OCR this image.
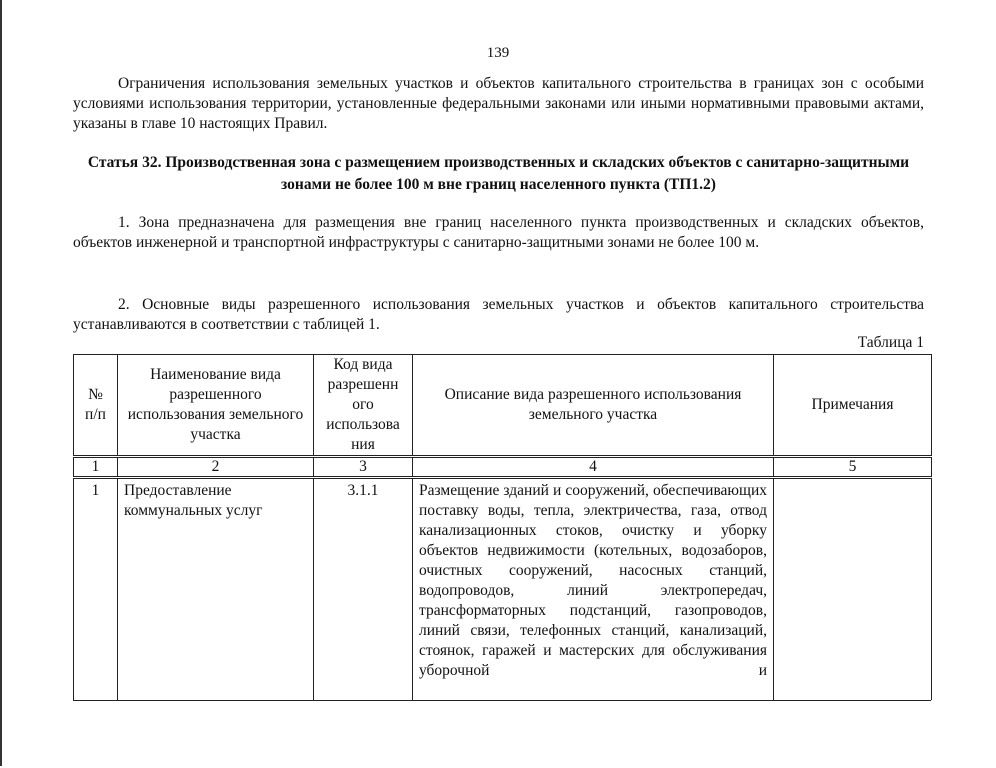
139
Ограничения использования земельных участков и объектов капитального строительства в границах зон с особыми условиями использования территории, установленные федеральными законами или иными нормативными правовыми актами, указаны в главе 10 настоящих Правил.
Статья 32. Производственная зона с размещением производственных и складских объектов с санитарно-защитными зонами не более 100 м вне границ населенного пункта (ТП1.2)
1. Зона предназначена для размещения вне границ населенного пункта производственных и складских объектов, объектов инженерной и транспортной инфраструктуры с санитарно-защитными зонами не более 100 м.
2. Основные виды разрешенного использования земельных участков и объектов капитального строительства устанавливаются в соответствии с таблицей 1.
Таблица 1
№
п/п	Наименование вида разрешенного использования земельного участка	Код вида разрешенн ого использова ния	Описание вида разрешенного использования земельного участка	Примечания
1	2	3	4	5
1	Предоставление коммунальных услуг	3.1.1	Размещение зданий и сооружений, обеспечивающих поставку воды, тепла, электричества, газа, отвод канализационных стоков, очистку и уборку объектов недвижимости (котельных, водозаборов, очистных сооружений, насосных станций, водопроводов, линий электропередач, трансформаторных подстанций, газопроводов, линий связи, телефонных станций, канализаций, стоянок, гаражей и мастерских для обслуживания уборочной и	
